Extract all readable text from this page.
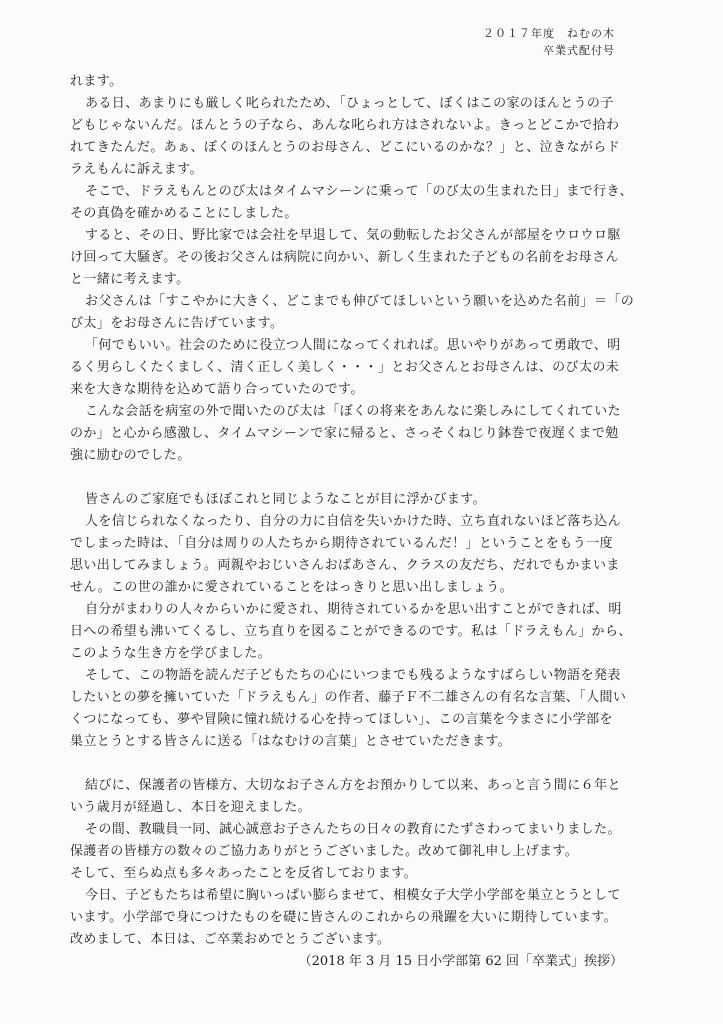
２０１７年度　ねむの木
卒業式配付号
れます。
ある日、あまりにも厳しく叱られたため、「ひょっとして、ぼくはこの家のほんとうの子
どもじゃないんだ。ほんとうの子なら、あんな叱られ方はされないよ。きっとどこかで拾わ
れてきたんだ。あぁ、ぼくのほんとうのお母さん、どこにいるのかな？」と、泣きながらド
ラえもんに訴えます。
そこで、ドラえもんとのび太はタイムマシーンに乗って「のび太の生まれた日」まで行き、
その真偽を確かめることにしました。
すると、その日、野比家では会社を早退して、気の動転したお父さんが部屋をウロウロ駆
け回って大騒ぎ。その後お父さんは病院に向かい、新しく生まれた子どもの名前をお母さん
と一緒に考えます。
お父さんは「すこやかに大きく、どこまでも伸びてほしいという願いを込めた名前」＝「の
び太」をお母さんに告げています。
「何でもいい。社会のために役立つ人間になってくれれば。思いやりがあって勇敢で、明
るく男らしくたくましく、清く正しく美しく・・・」とお父さんとお母さんは、のび太の未
来を大きな期待を込めて語り合っていたのです。
こんな会話を病室の外で聞いたのび太は「ぼくの将来をあんなに楽しみにしてくれていた
のか」と心から感激し、タイムマシーンで家に帰ると、さっそくねじり鉢巻で夜遅くまで勉
強に励むのでした。
皆さんのご家庭でもほぼこれと同じようなことが目に浮かびます。
人を信じられなくなったり、自分の力に自信を失いかけた時、立ち直れないほど落ち込ん
でしまった時は、「自分は周りの人たちから期待されているんだ！」ということをもう一度
思い出してみましょう。両親やおじいさんおばあさん、クラスの友だち、だれでもかまいま
せん。この世の誰かに愛されていることをはっきりと思い出しましょう。
自分がまわりの人々からいかに愛され、期待されているかを思い出すことができれば、明
日への希望も沸いてくるし、立ち直りを図ることができるのです。私は「ドラえもん」から、
このような生き方を学びました。
そして、この物語を読んだ子どもたちの心にいつまでも残るようなすばらしい物語を発表
したいとの夢を擁いていた「ドラえもん」の作者、藤子Ｆ不二雄さんの有名な言葉、「人間い
くつになっても、夢や冒険に憧れ続ける心を持ってほしい」、この言葉を今まさに小学部を
巣立とうとする皆さんに送る「はなむけの言葉」とさせていただきます。
結びに、保護者の皆様方、大切なお子さん方をお預かりして以来、あっと言う間に６年と
いう歳月が経過し、本日を迎えました。
その間、教職員一同、誠心誠意お子さんたちの日々の教育にたずさわってまいりました。
保護者の皆様方の数々のご協力ありがとうございました。改めて御礼申し上げます。
そして、至らぬ点も多々あったことを反省しております。
今日、子どもたちは希望に胸いっぱい膨らませて、相模女子大学小学部を巣立とうとして
います。小学部で身につけたものを礎に皆さんのこれからの飛躍を大いに期待しています。
改めまして、本日は、ご卒業おめでとうございます。
（2018 年 3 月 15 日小学部第 62 回「卒業式」挨拶）
